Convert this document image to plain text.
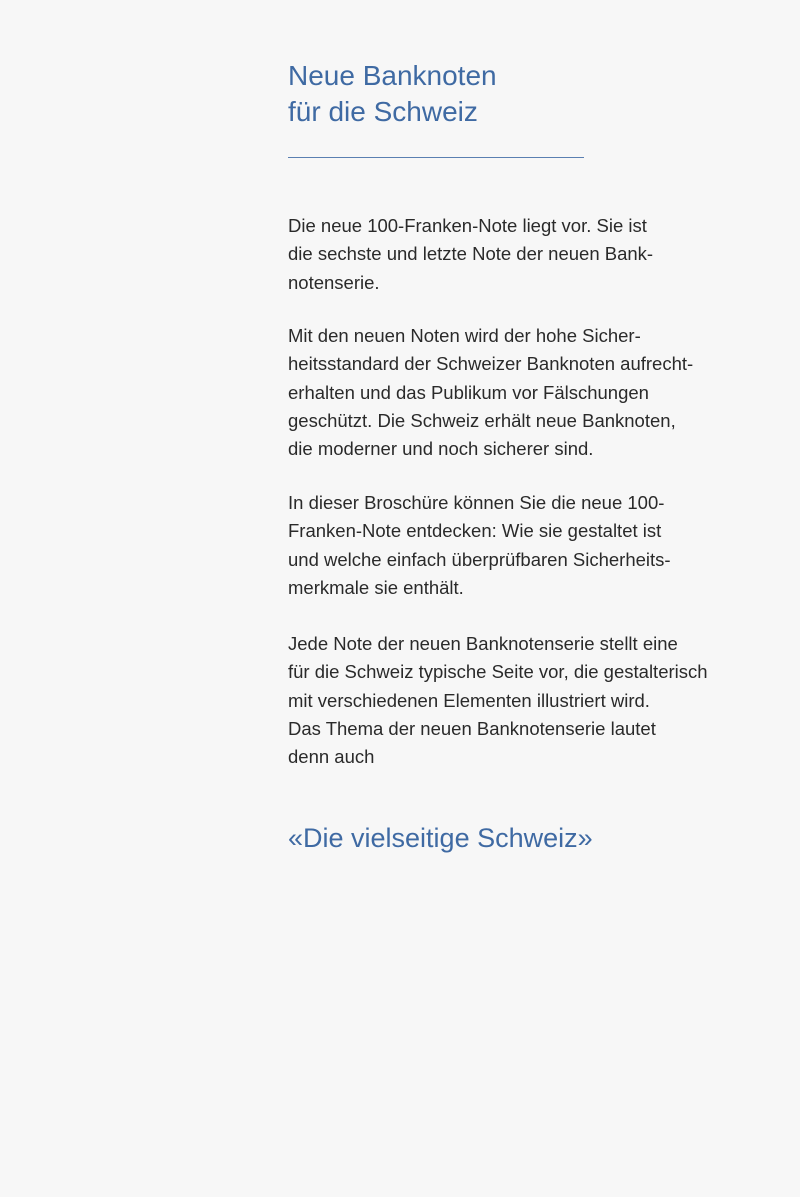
Neue Banknoten
für die Schweiz

Die neue 100-Franken-Note liegt vor. Sie ist
die sechste und letzte Note der neuen Bank-
notenserie.

Mit den neuen Noten wird der hohe Sicher-
heitsstandard der Schweizer Banknoten aufrecht-
erhalten und das Publikum vor Fälschungen
geschützt. Die Schweiz erhält neue Banknoten,
die moderner und noch sicherer sind.

In dieser Broschüre können Sie die neue 100-
Franken-Note entdecken: Wie sie gestaltet ist
und welche einfach überprüfbaren Sicherheits-
merkmale sie enthält.

Jede Note der neuen Banknotenserie stellt eine
für die Schweiz typische Seite vor, die gestalterisch
mit verschiedenen Elementen illustriert wird.
Das Thema der neuen Banknotenserie lautet
denn auch

«Die vielseitige Schweiz»
